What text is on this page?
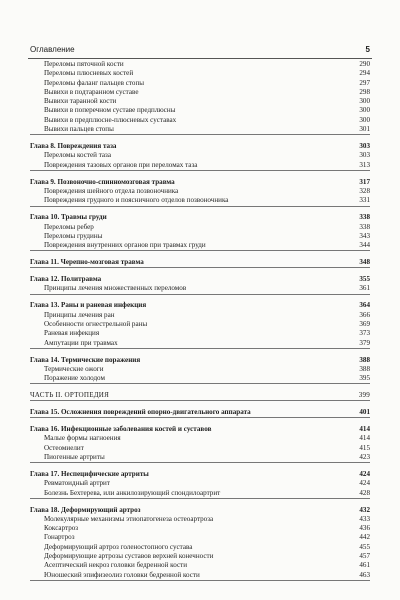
Оглавление	5
Переломы пяточной кости	290
Переломы плюсневых костей	294
Переломы фаланг пальцев стопы	297
Вывихи в подтаранном суставе	298
Вывихи таранной кости	300
Вывихи в поперечном суставе предплюсны	300
Вывихи в предплюсне-плюсневых суставах	300
Вывихи пальцев стопы	301
Глава 8. Повреждения таза	303
Переломы костей таза	303
Повреждения тазовых органов при переломах таза	313
Глава 9. Позвоночно-спинномозговая травма	317
Повреждения шейного отдела позвоночника	328
Повреждения грудного и поясничного отделов позвоночника	331
Глава 10. Травмы груди	338
Переломы ребер	338
Переломы грудины	343
Повреждения внутренних органов при травмах груди	344
Глава 11. Черепно-мозговая травма	348
Глава 12. Политравма	355
Принципы лечения множественных переломов	361
Глава 13. Раны и раневая инфекция	364
Принципы лечения ран	366
Особенности огнестрельной раны	369
Раневая инфекция	373
Ампутации при травмах	379
Глава 14. Термические поражения	388
Термические ожоги	388
Поражение холодом	395
ЧАСТЬ II. ОРТОПЕДИЯ	399
Глава 15. Осложнения повреждений опорно-двигательного аппарата	401
Глава 16. Инфекционные заболевания костей и суставов	414
Малые формы нагноения	414
Остеомиелит	415
Пиогенные артриты	423
Глава 17. Неспецифические артриты	424
Ревматоидный артрит	424
Болезнь Бехтерева, или анкилозирующий спондилоартрит	428
Глава 18. Деформирующий артроз	432
Молекулярные механизмы этиопатогенеза остеоартроза	433
Коксартроз	436
Гонартроз	442
Деформирующий артроз голеностопного сустава	455
Деформирующие артрозы суставов верхней конечности	457
Асептический некроз головки бедренной кости	461
Юношеский эпифизеолиз головки бедренной кости	463
